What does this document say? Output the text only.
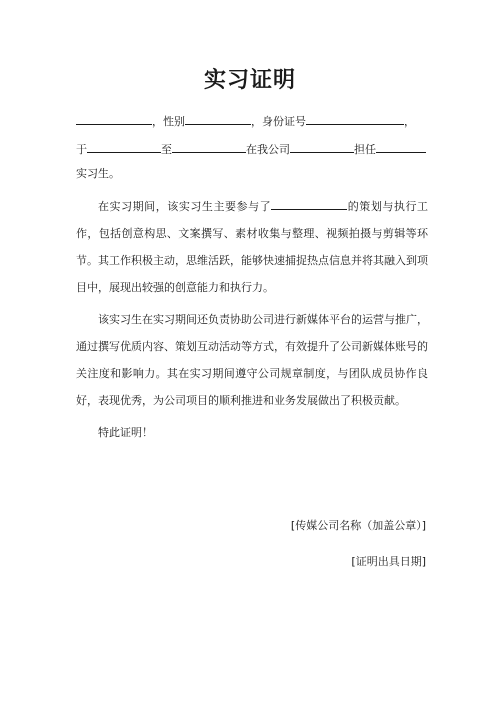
实习证明
，性别	，身份证号	，
于	至	在我公司	担任
实习生。
在实习期间，该实习生主要参与了	的策划与执行工作，包括创意构思、文案撰写、素材收集与整理、视频拍摄与剪辑等环节。其工作积极主动，思维活跃，能够快速捕捉热点信息并将其融入到项目中，展现出较强的创意能力和执行力。
该实习生在实习期间还负责协助公司进行新媒体平台的运营与推广，通过撰写优质内容、策划互动活动等方式，有效提升了公司新媒体账号的关注度和影响力。其在实习期间遵守公司规章制度，与团队成员协作良好，表现优秀，为公司项目的顺利推进和业务发展做出了积极贡献。
特此证明！
[传媒公司名称（加盖公章）]
[证明出具日期]
